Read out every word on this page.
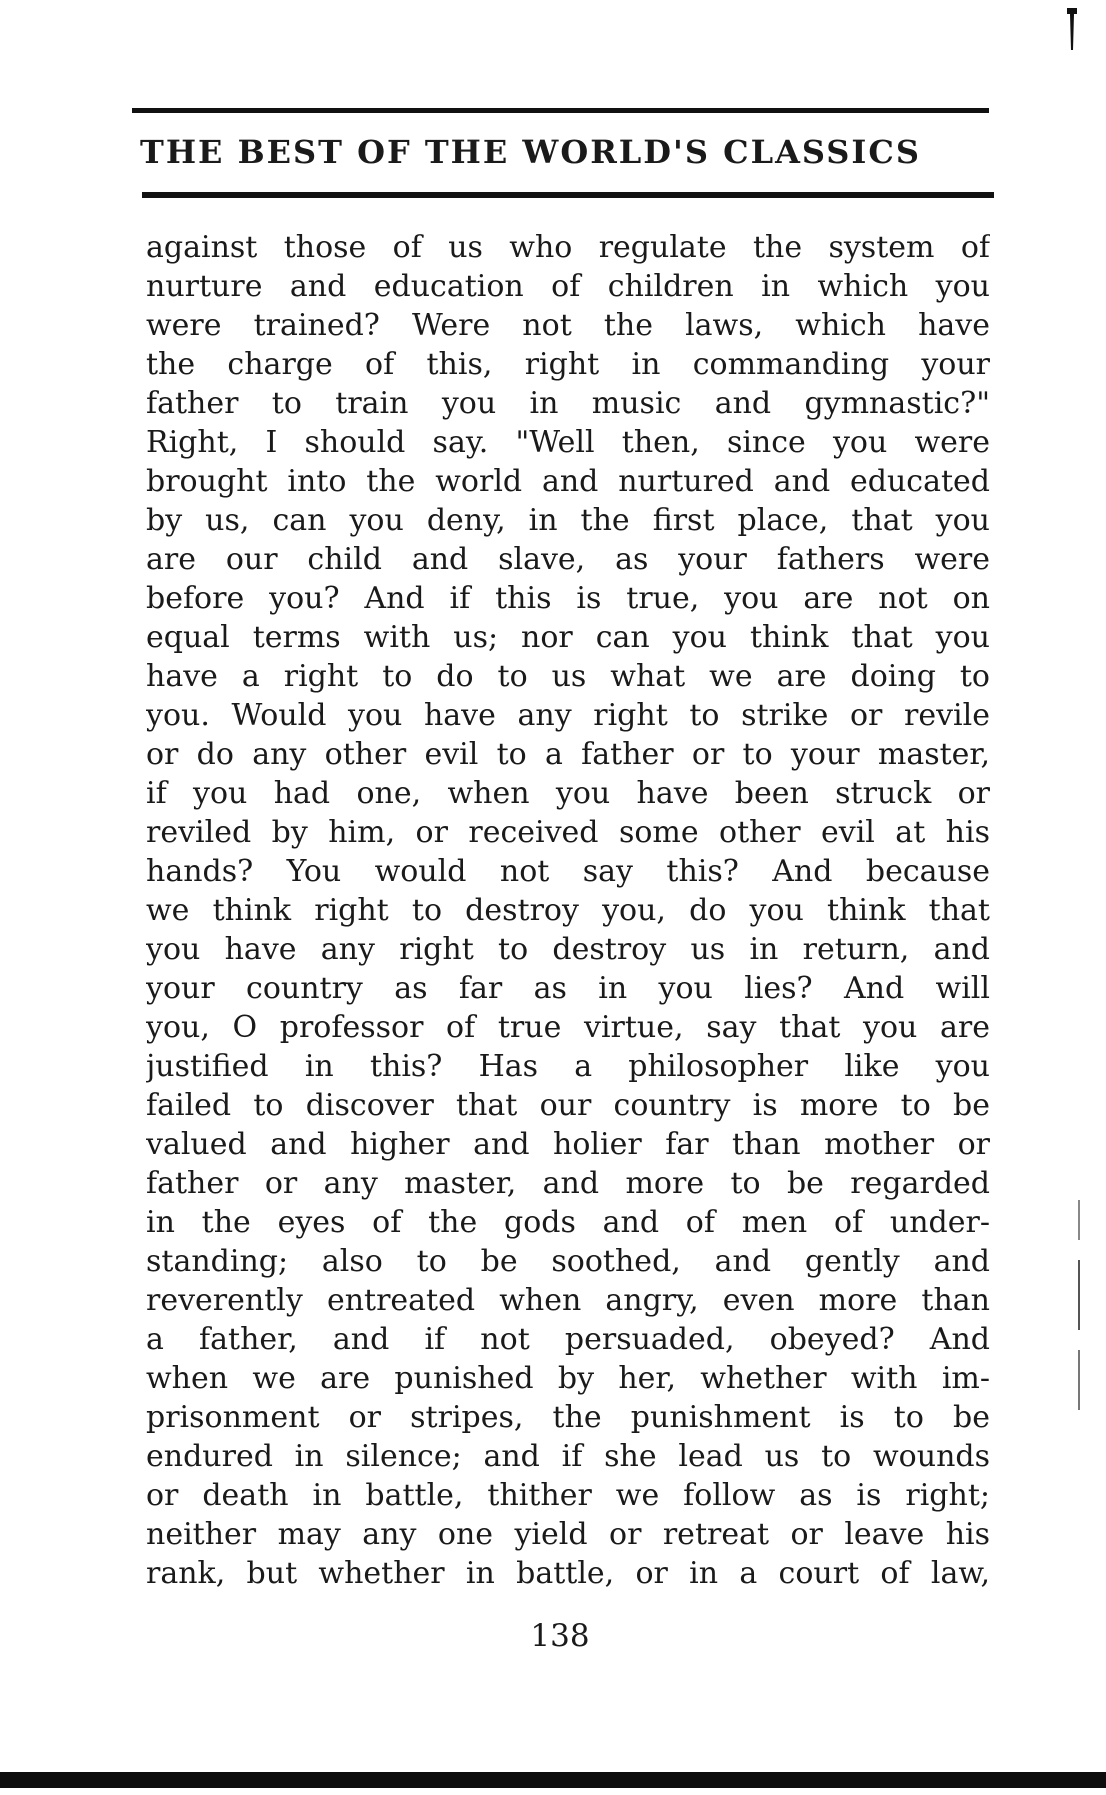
THE BEST OF THE WORLD'S CLASSICS
against those of us who regulate the system of
nurture and education of children in which you
were trained? Were not the laws, which have
the charge of this, right in commanding your
father to train you in music and gymnastic?"
Right, I should say. "Well then, since you were
brought into the world and nurtured and educated
by us, can you deny, in the first place, that you
are our child and slave, as your fathers were
before you? And if this is true, you are not on
equal terms with us; nor can you think that you
have a right to do to us what we are doing to
you. Would you have any right to strike or revile
or do any other evil to a father or to your master,
if you had one, when you have been struck or
reviled by him, or received some other evil at his
hands? You would not say this? And because
we think right to destroy you, do you think that
you have any right to destroy us in return, and
your country as far as in you lies? And will
you, O professor of true virtue, say that you are
justified in this? Has a philosopher like you
failed to discover that our country is more to be
valued and higher and holier far than mother or
father or any master, and more to be regarded
in the eyes of the gods and of men of under-
standing; also to be soothed, and gently and
reverently entreated when angry, even more than
a father, and if not persuaded, obeyed? And
when we are punished by her, whether with im-
prisonment or stripes, the punishment is to be
endured in silence; and if she lead us to wounds
or death in battle, thither we follow as is right;
neither may any one yield or retreat or leave his
rank, but whether in battle, or in a court of law,
138
